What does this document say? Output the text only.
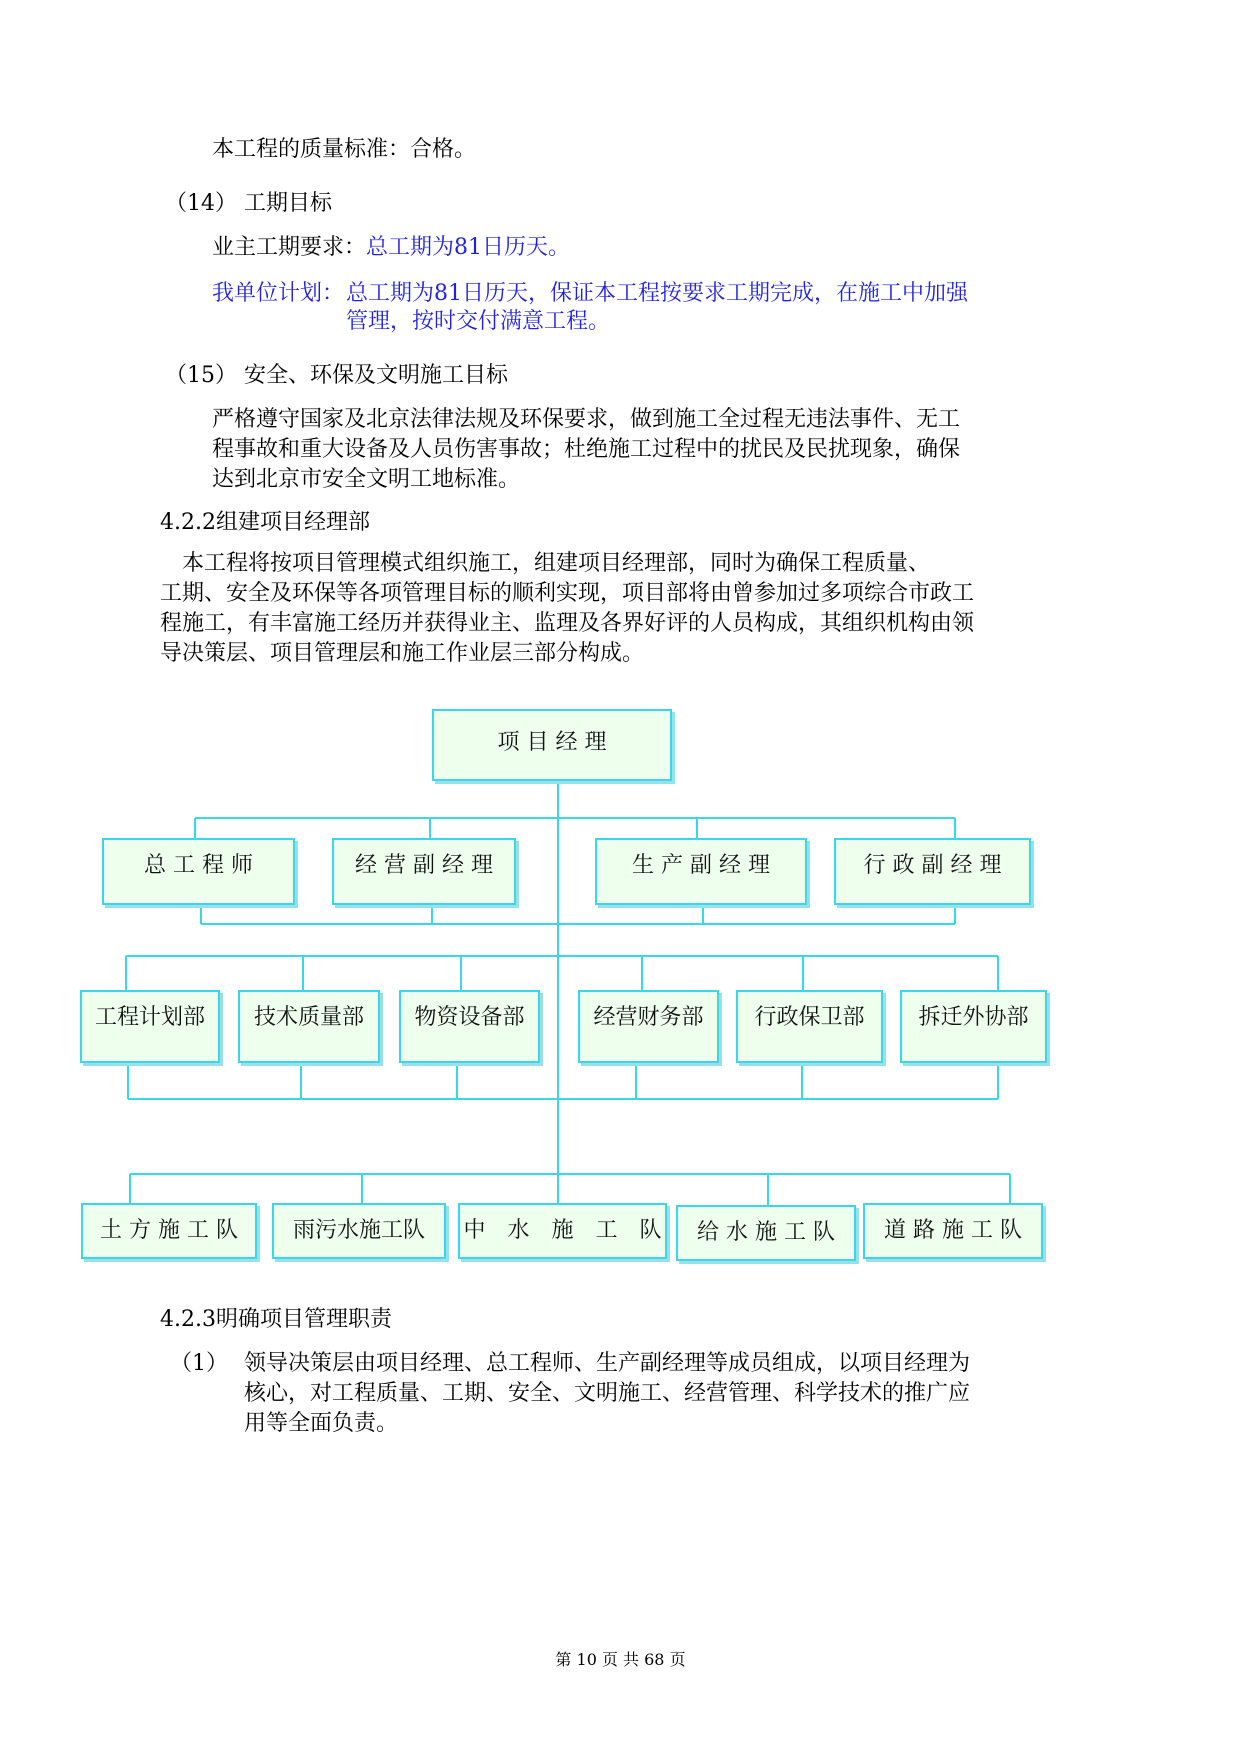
本工程的质量标准：合格。
（14） 工期目标
业主工期要求：总工期为81日历天。
我单位计划： 总工期为81日历天，保证本工程按要求工期完成，在施工中加强
管理，按时交付满意工程。
（15） 安全、环保及文明施工目标
严格遵守国家及北京法律法规及环保要求，做到施工全过程无违法事件、无工
程事故和重大设备及人员伤害事故；杜绝施工过程中的扰民及民扰现象，确保
达到北京市安全文明工地标准。
4.2.2组建项目经理部
　本工程将按项目管理模式组织施工，组建项目经理部，同时为确保工程质量、
工期、安全及环保等各项管理目标的顺利实现，项目部将由曾参加过多项综合市政工
程施工，有丰富施工经历并获得业主、监理及各界好评的人员构成，其组织机构由领
导决策层、项目管理层和施工作业层三部分构成。
项 目 经 理
总 工 程 师	经 营 副 经 理	生 产 副 经 理	行 政 副 经 理
工程计划部	技术质量部	物资设备部	经营财务部	行政保卫部	拆迁外协部
土 方 施 工 队	雨污水施工队	中　水　施　工　队	给 水 施 工 队	道 路 施 工 队
4.2.3明确项目管理职责
（1） 领导决策层由项目经理、总工程师、生产副经理等成员组成，以项目经理为
核心，对工程质量、工期、安全、文明施工、经营管理、科学技术的推广应
用等全面负责。
第 10 页 共 68 页
